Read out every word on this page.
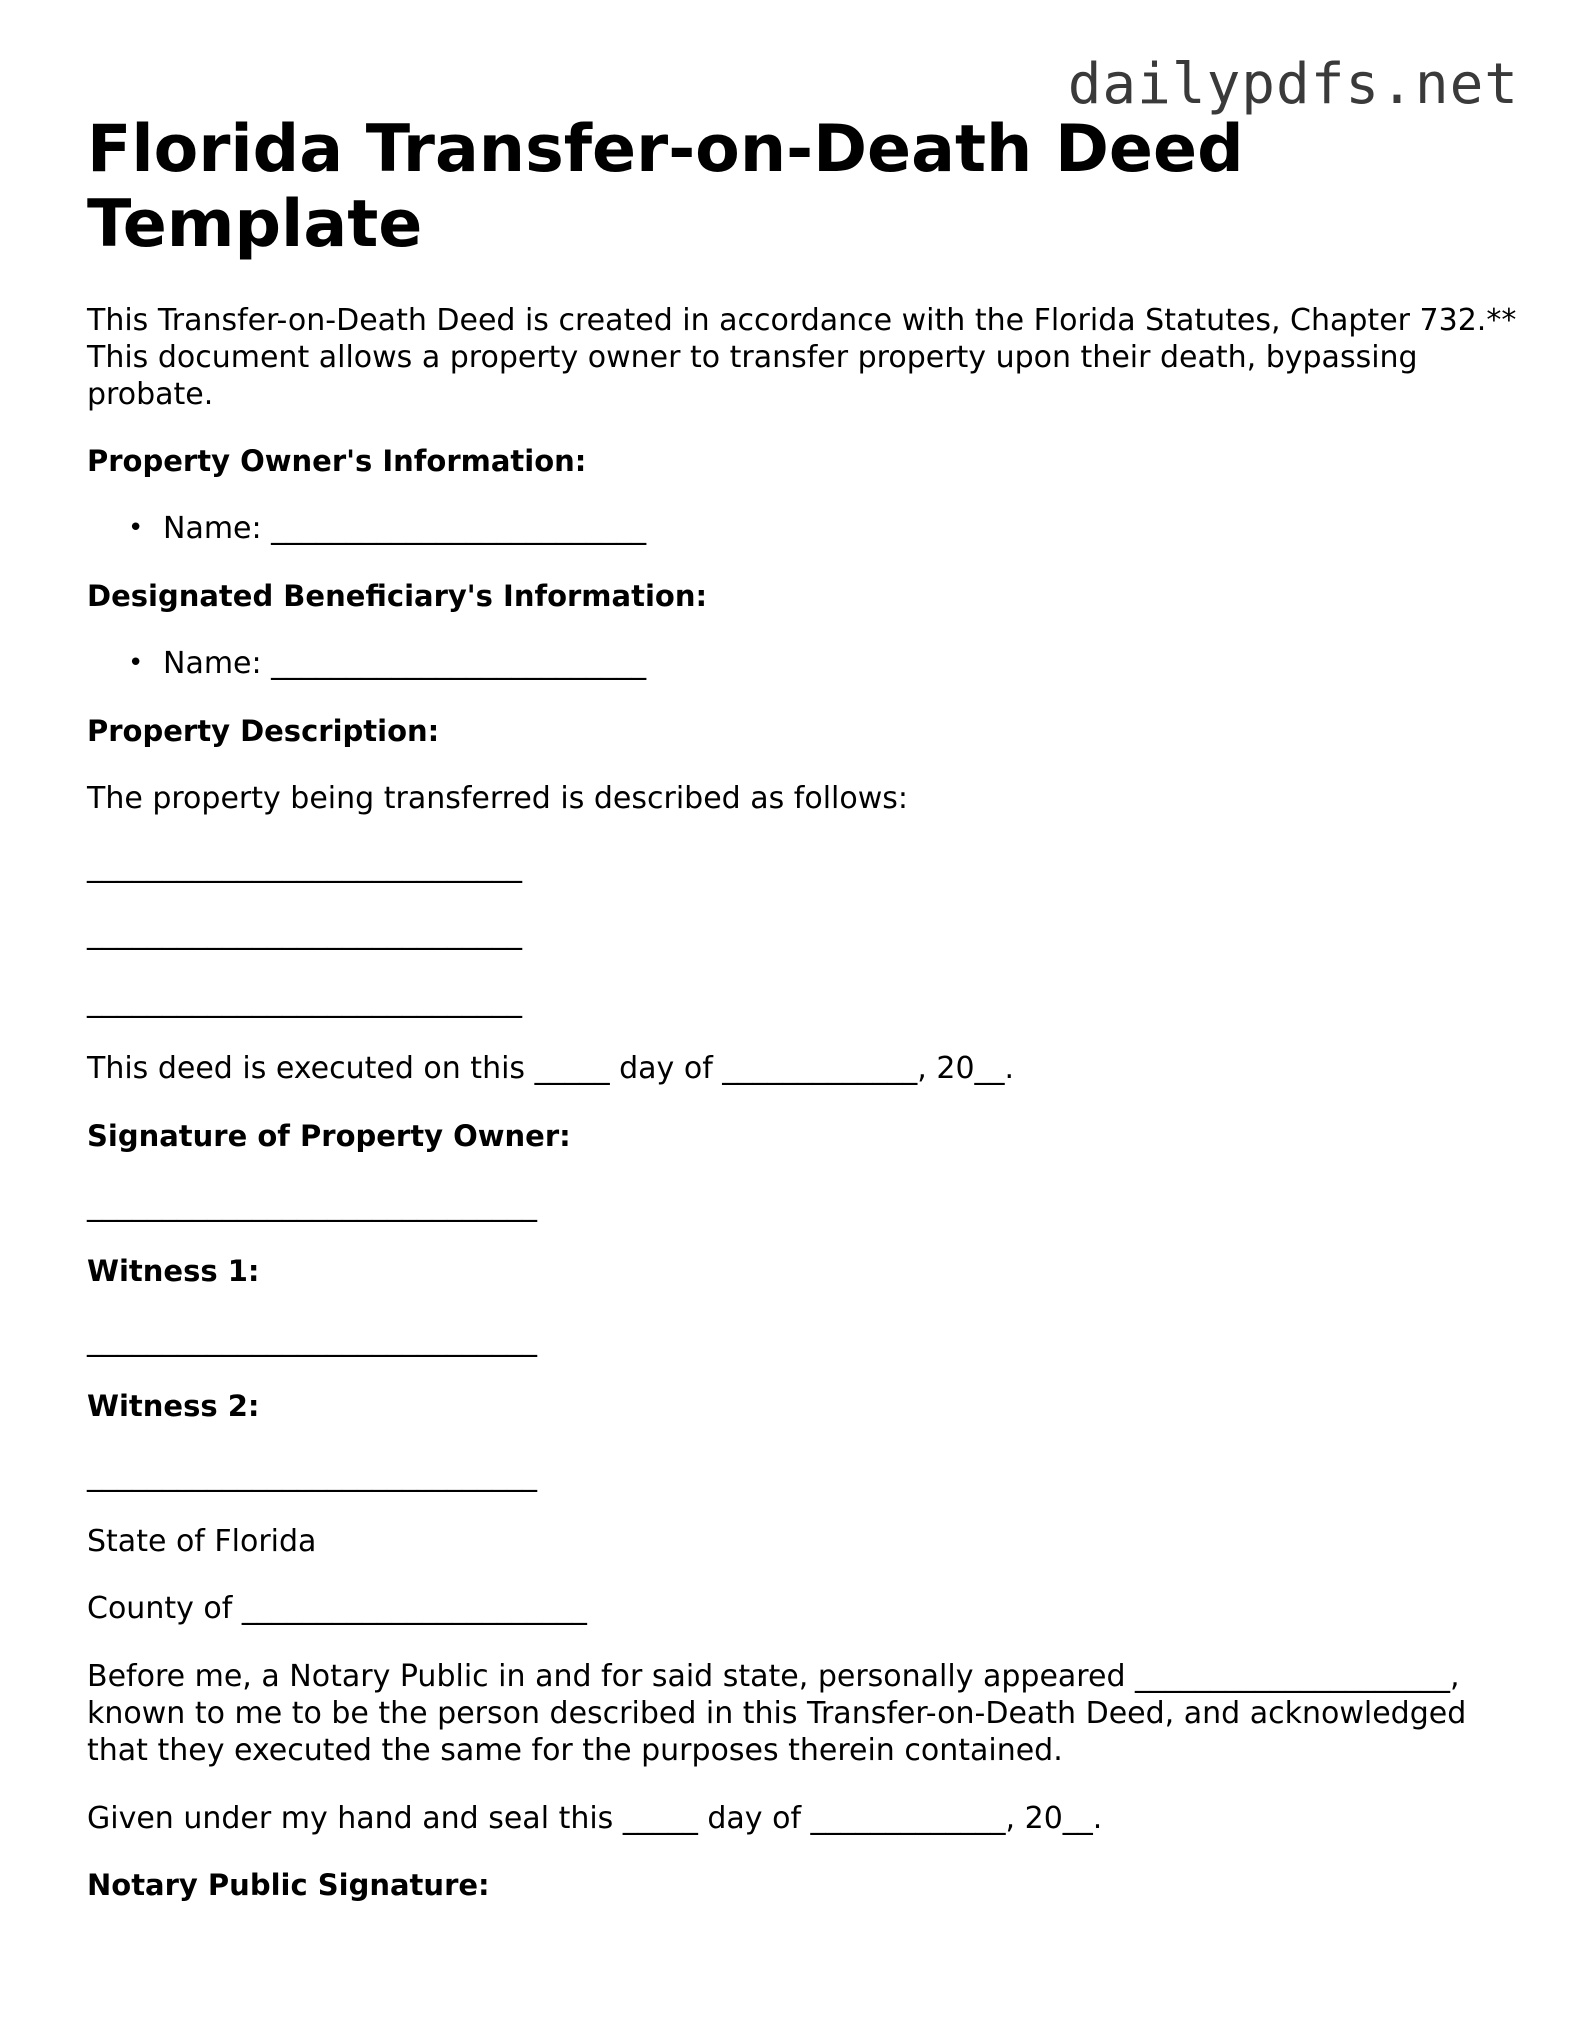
dailypdfs.net
Florida Transfer-on-Death Deed Template

This Transfer-on-Death Deed is created in accordance with the Florida Statutes, Chapter 732.** This document allows a property owner to transfer property upon their death, bypassing probate.

Property Owner's Information:

• Name: _________________________

Designated Beneficiary's Information:

• Name: _________________________

Property Description:

The property being transferred is described as follows:

_____________________________

_____________________________

_____________________________

This deed is executed on this _____ day of _____________, 20__.

Signature of Property Owner:

______________________________

Witness 1:

______________________________

Witness 2:

______________________________

State of Florida

County of _______________________

Before me, a Notary Public in and for said state, personally appeared _____________________, known to me to be the person described in this Transfer-on-Death Deed, and acknowledged that they executed the same for the purposes therein contained.

Given under my hand and seal this _____ day of _____________, 20__.

Notary Public Signature:
